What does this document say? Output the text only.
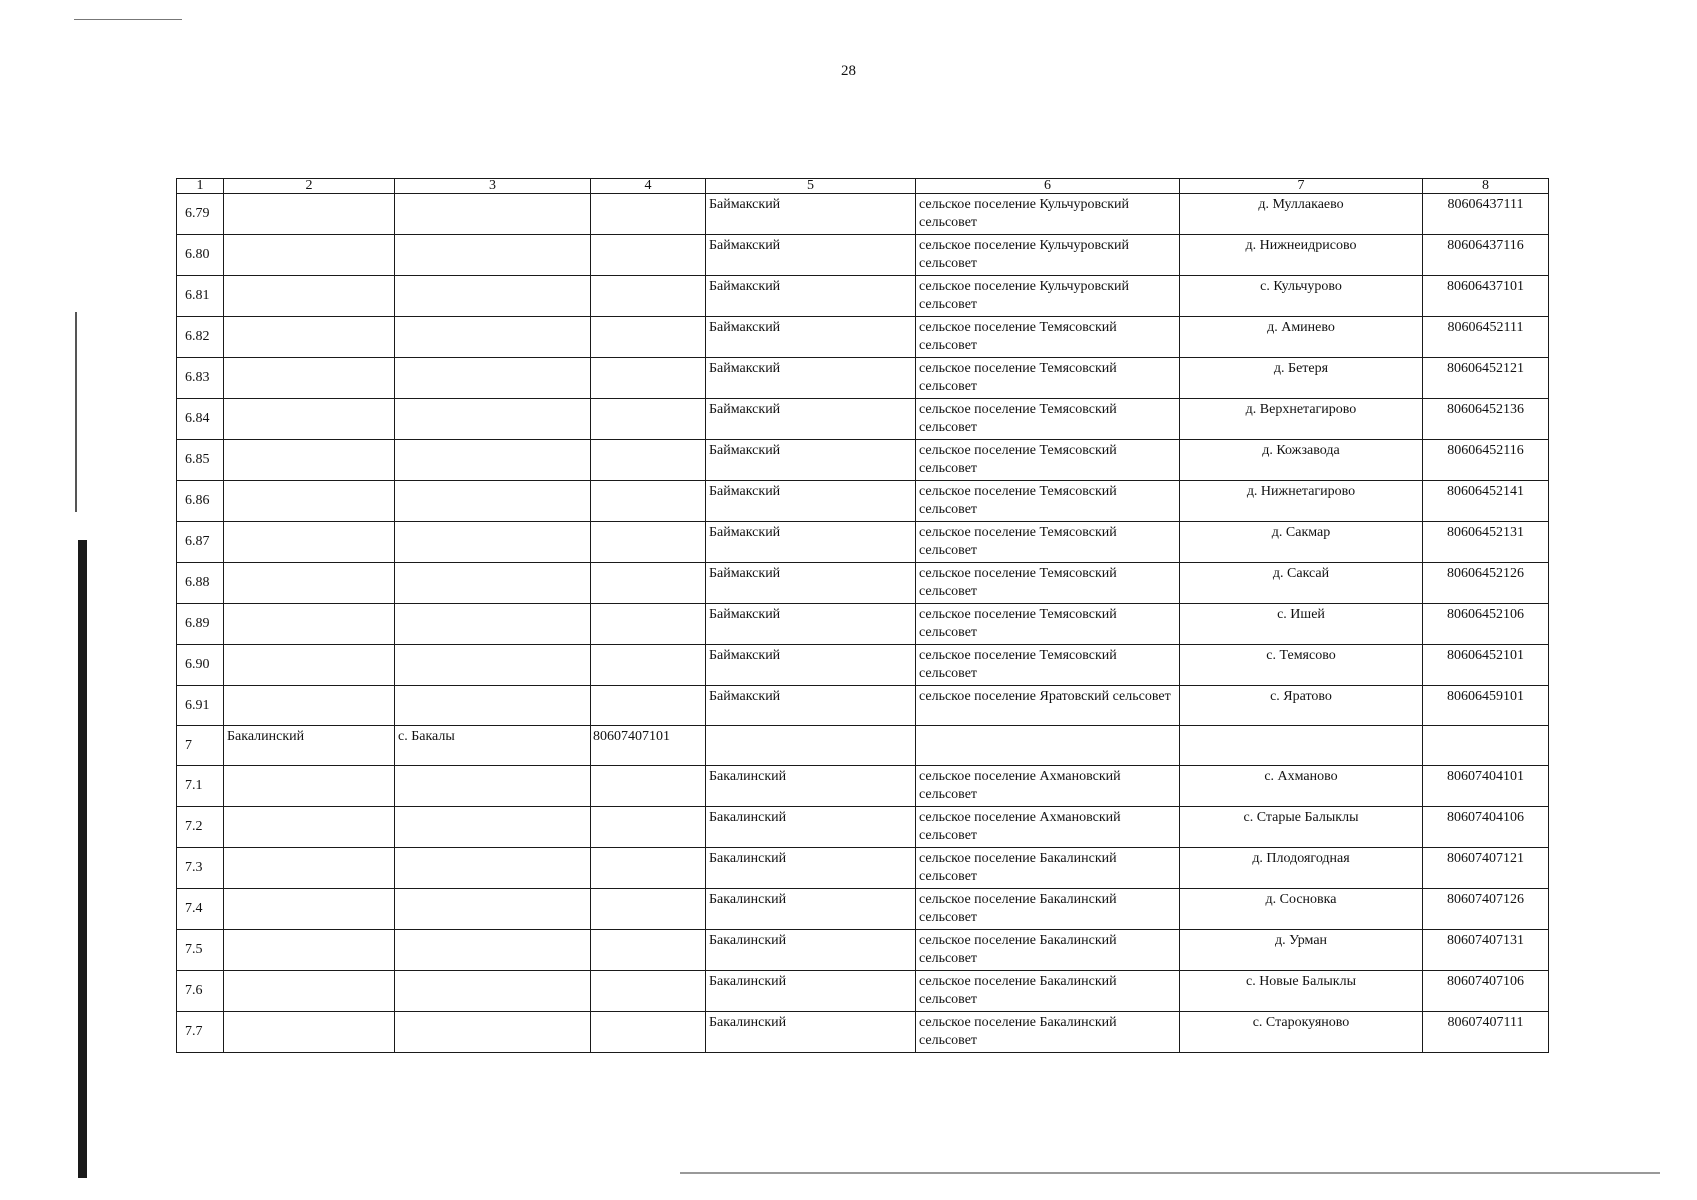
28
1	2	3	4	5	6	7	8
6.79				Баймакский	сельское поселение Кульчуровский сельсовет	д. Муллакаево	80606437111
6.80				Баймакский	сельское поселение Кульчуровский сельсовет	д. Нижнеидрисово	80606437116
6.81				Баймакский	сельское поселение Кульчуровский сельсовет	с. Кульчурово	80606437101
6.82				Баймакский	сельское поселение Темясовский сельсовет	д. Аминево	80606452111
6.83				Баймакский	сельское поселение Темясовский сельсовет	д. Бетеря	80606452121
6.84				Баймакский	сельское поселение Темясовский сельсовет	д. Верхнетагирово	80606452136
6.85				Баймакский	сельское поселение Темясовский сельсовет	д. Кожзавода	80606452116
6.86				Баймакский	сельское поселение Темясовский сельсовет	д. Нижнетагирово	80606452141
6.87				Баймакский	сельское поселение Темясовский сельсовет	д. Сакмар	80606452131
6.88				Баймакский	сельское поселение Темясовский сельсовет	д. Саксай	80606452126
6.89				Баймакский	сельское поселение Темясовский сельсовет	с. Ишей	80606452106
6.90				Баймакский	сельское поселение Темясовский сельсовет	с. Темясово	80606452101
6.91				Баймакский	сельское поселение Яратовский сельсовет	с. Яратово	80606459101
7	Бакалинский	с. Бакалы	80607407101				
7.1				Бакалинский	сельское поселение Ахмановский сельсовет	с. Ахманово	80607404101
7.2				Бакалинский	сельское поселение Ахмановский сельсовет	с. Старые Балыклы	80607404106
7.3				Бакалинский	сельское поселение Бакалинский сельсовет	д. Плодоягодная	80607407121
7.4				Бакалинский	сельское поселение Бакалинский сельсовет	д. Сосновка	80607407126
7.5				Бакалинский	сельское поселение Бакалинский сельсовет	д. Урман	80607407131
7.6				Бакалинский	сельское поселение Бакалинский сельсовет	с. Новые Балыклы	80607407106
7.7				Бакалинский	сельское поселение Бакалинский сельсовет	с. Старокуяново	80607407111
